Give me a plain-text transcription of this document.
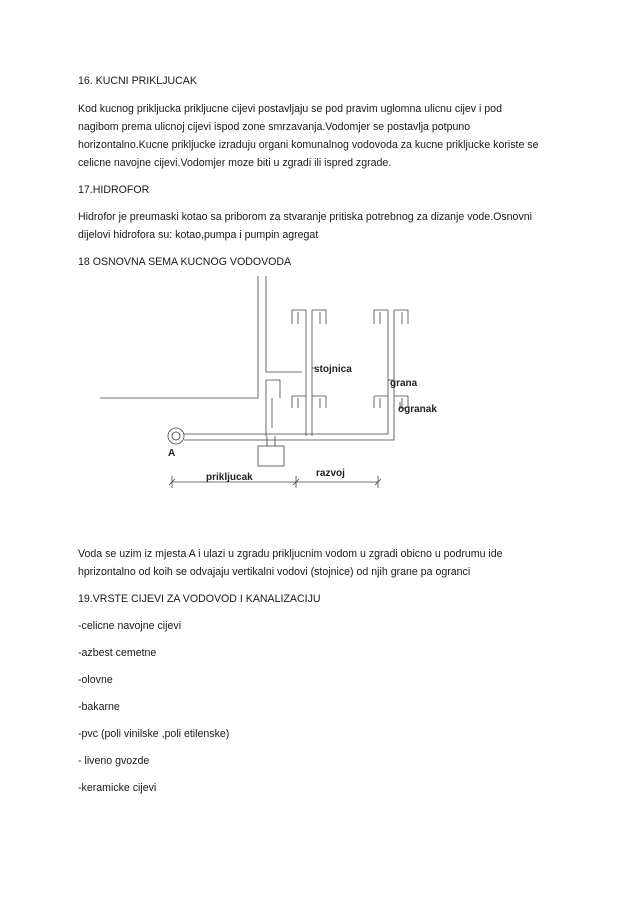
16. KUCNI PRIKLJUCAK
Kod kucnog prikljucka prikljucne cijevi postavljaju se pod pravim uglomna ulicnu cijev i pod
nagibom prema ulicnoj cijevi ispod zone smrzavanja.Vodomjer se postavlja potpuno
horizontalno.Kucne prikljucke izraduju organi komunalnog vodovoda za kucne prikljucke koriste se
celicne navojne cijevi.Vodomjer moze biti u zgradi ili ispred zgrade.
17.HIDROFOR
Hidrofor je preumaski kotao sa priborom za stvaranje pritiska potrebnog za dizanje vode.Osnovni
dijelovi hidrofora su: kotao,pumpa i pumpin agregat
18 OSNOVNA SEMA KUCNOG VODOVODA
stojnica
grana
ogranak
A
prikljucak	razvoj
Voda se uzim iz mjesta A i ulazi u zgradu prikljucnim vodom u zgradi obicno u podrumu ide
hprizontalno od koih se odvajaju vertikalni vodovi (stojnice) od njih grane pa ogranci
19.VRSTE CIJEVI ZA VODOVOD I KANALIZACIJU
-celicne navojne cijevi
-azbest cemetne
-olovne
-bakarne
-pvc (poli vinilske ,poli etilenske)
- liveno gvozde
-keramicke cijevi
